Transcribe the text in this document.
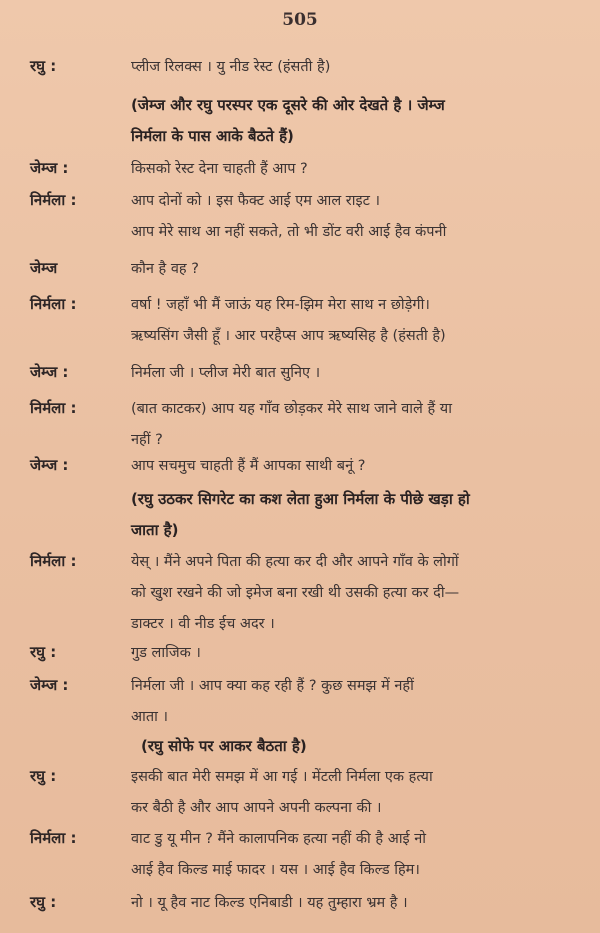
505
रघु :	प्लीज रिलक्स । यु नीड रेस्ट (हंसती है)
(जेम्ज और रघु परस्पर एक दूसरे की ओर देखते है । जेम्ज
निर्मला के पास आके बैठते हैं)
जेम्ज :	किसको रेस्ट देना चाहती हैं आप ?
निर्मला :	आप दोनों को । इस फैक्ट आई एम आल राइट ।
आप मेरे साथ आ नहीं सकते, तो भी डोंट वरी आई हैव कंपनी
जेम्ज	कौन है वह ?
निर्मला :	वर्षा ! जहाँ भी मैं जाऊं यह रिम-झिम मेरा साथ न छोड़ेगी।
ऋष्यसिंग जैसी हूँ । आर परहैप्स आप ऋष्यसिह है (हंसती है)
जेम्ज :	निर्मला जी । प्लीज मेरी बात सुनिए ।
निर्मला :	(बात काटकर) आप यह गाँव छोड़कर मेरे साथ जाने वाले हैं या
नहीं ?
जेम्ज :	आप सचमुच चाहती हैं मैं आपका साथी बनूं ?
(रघु उठकर सिगरेट का कश लेता हुआ निर्मला के पीछे खड़ा हो
जाता है)
निर्मला :	येस् । मैंने अपने पिता की हत्या कर दी और आपने गाँव के लोगों
को खुश रखने की जो इमेज बना रखी थी उसकी हत्या कर दी—
डाक्टर । वी नीड ईच अदर ।
रघु :	गुड लाजिक ।
जेम्ज :	निर्मला जी । आप क्या कह रही हैं ? कुछ समझ में नहीं
आता ।
(रघु सोफे पर आकर बैठता है)
रघु :	इसकी बात मेरी समझ में आ गई । मेंटली निर्मला एक हत्या
कर बैठी है और आप आपने अपनी कल्पना की ।
निर्मला :	वाट डु यू मीन ? मैंने कालापनिक हत्या नहीं की है आई नो
आई हैव किल्ड माई फादर । यस । आई हैव किल्ड हिम।
रघु :	नो । यू हैव नाट किल्ड एनिबाडी । यह तुम्हारा भ्रम है ।
